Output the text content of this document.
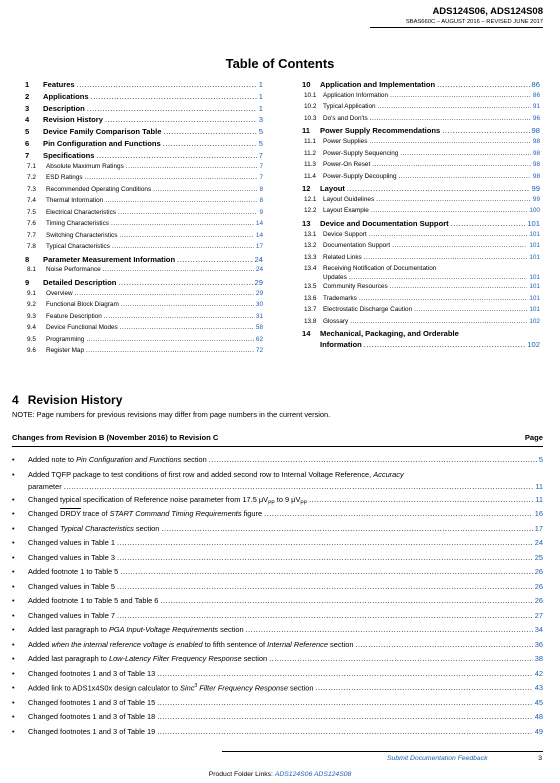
ADS124S06, ADS124S08
SBAS660C – AUGUST 2016 – REVISED JUNE 2017
Table of Contents
1	Features .....	1
2	Applications .....	1
3	Description .....	1
4	Revision History .....	3
5	Device Family Comparison Table .....	5
6	Pin Configuration and Functions .....	5
7	Specifications .....	7
7.1	Absolute Maximum Ratings .....	7
7.2	ESD Ratings .....	7
7.3	Recommended Operating Conditions .....	8
7.4	Thermal Information .....	8
7.5	Electrical Characteristics .....	9
7.6	Timing Characteristics .....	14
7.7	Switching Characteristics .....	14
7.8	Typical Characteristics .....	17
8	Parameter Measurement Information .....	24
8.1	Noise Performance .....	24
9	Detailed Description .....	29
9.1	Overview .....	29
9.2	Functional Block Diagram .....	30
9.3	Feature Description .....	31
9.4	Device Functional Modes .....	58
9.5	Programming .....	62
9.6	Register Map .....	72
10	Application and Implementation .....	86
10.1	Application Information .....	86
10.2	Typical Application .....	91
10.3	Do's and Don'ts .....	96
11	Power Supply Recommendations .....	98
11.1	Power Supplies .....	98
11.2	Power-Supply Sequencing .....	98
11.3	Power-On Reset .....	98
11.4	Power-Supply Decoupling .....	98
12	Layout .....	99
12.1	Layout Guidelines .....	99
12.2	Layout Example .....	100
13	Device and Documentation Support .....	101
13.1	Device Support .....	101
13.2	Documentation Support .....	101
13.3	Related Links .....	101
13.4	Receiving Notification of Documentation
Updates .....	101
13.5	Community Resources .....	101
13.6	Trademarks .....	101
13.7	Electrostatic Discharge Caution .....	101
13.8	Glossary .....	102
14	Mechanical, Packaging, and Orderable
Information .....	102
4 Revision History
NOTE: Page numbers for previous revisions may differ from page numbers in the current version.
Changes from Revision B (November 2016) to Revision C	Page
•	Added note to Pin Configuration and Functions section .....	5
•	Added TQFP package to test conditions of first row and added second row to Internal Voltage Reference, Accuracy
parameter .....	11
•	Changed typical specification of Reference noise parameter from 17.5 $\mu V_{PP}$ to 9 $\mu V_{PP}$ .....	11
•	Changed DRDY trace of START Command Timing Requirements figure .....	16
•	Changed Typical Characteristics section .....	17
•	Changed values in Table 1 .....	24
•	Changed values in Table 3 .....	25
•	Added footnote 1 to Table 5 .....	26
•	Changed values in Table 5 .....	26
•	Added footnote 1 to Table 5 and Table 6 .....	26
•	Changed values in Table 7 .....	27
•	Added last paragraph to PGA Input-Voltage Requirements section .....	34
•	Added when the internal reference voltage is enabled to fifth sentence of Internal Reference section .....	36
•	Added last paragraph to Low-Latency Filter Frequency Response section .....	38
•	Changed footnotes 1 and 3 of Table 13 .....	42
•	Added link to ADS1x4S0x design calculator to Sinc$^3$ Filter Frequency Response section .....	43
•	Changed footnotes 1 and 3 of Table 15 .....	45
•	Changed footnotes 1 and 3 of Table 18 .....	48
•	Changed footnotes 1 and 3 of Table 19 .....	49
Submit Documentation Feedback	3
Product Folder Links: ADS124S06 ADS124S08
